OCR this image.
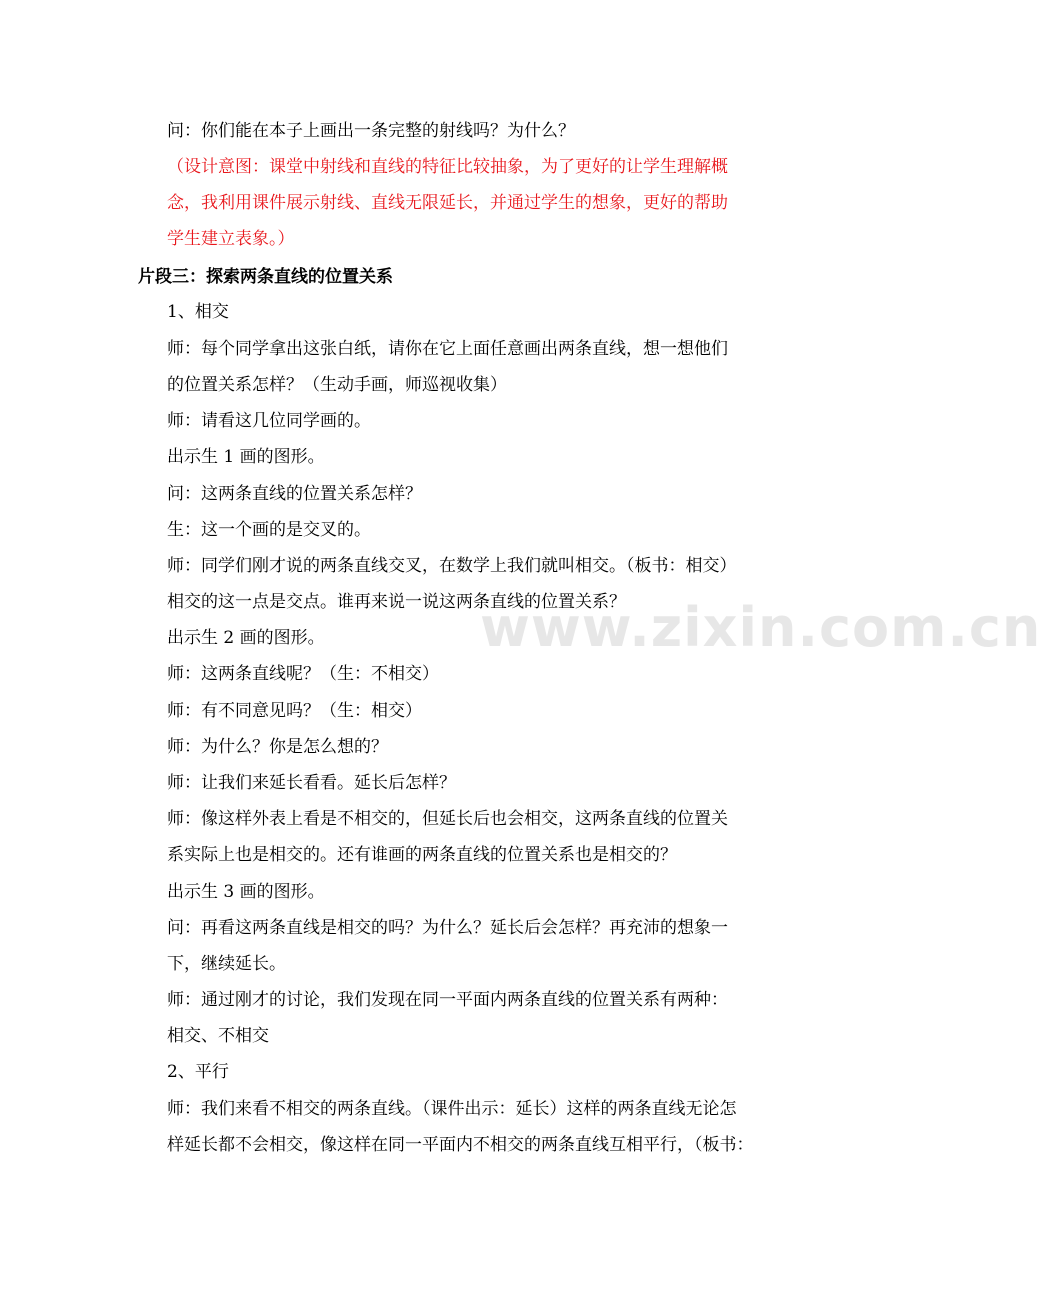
问：你们能在本子上画出一条完整的射线吗？为什么？
（设计意图：课堂中射线和直线的特征比较抽象，为了更好的让学生理解概
念，我利用课件展示射线、直线无限延长，并通过学生的想象，更好的帮助
学生建立表象。）
片段三：探索两条直线的位置关系
1、相交
师：每个同学拿出这张白纸，请你在它上面任意画出两条直线，想一想他们
的位置关系怎样？（生动手画，师巡视收集）
师：请看这几位同学画的。
出示生 1 画的图形。
问：这两条直线的位置关系怎样？
生：这一个画的是交叉的。
师：同学们刚才说的两条直线交叉，在数学上我们就叫相交。（板书：相交）
相交的这一点是交点。谁再来说一说这两条直线的位置关系？
出示生 2 画的图形。
师：这两条直线呢？（生：不相交）
师：有不同意见吗？（生：相交）
师：为什么？你是怎么想的？
师：让我们来延长看看。延长后怎样？
师：像这样外表上看是不相交的，但延长后也会相交，这两条直线的位置关
系实际上也是相交的。还有谁画的两条直线的位置关系也是相交的？
出示生 3 画的图形。
问：再看这两条直线是相交的吗？为什么？延长后会怎样？再充沛的想象一
下，继续延长。
师：通过刚才的讨论，我们发现在同一平面内两条直线的位置关系有两种：
相交、不相交
2、平行
师：我们来看不相交的两条直线。（课件出示：延长）这样的两条直线无论怎
样延长都不会相交，像这样在同一平面内不相交的两条直线互相平行，（板书：
www.zixin.com.cn
